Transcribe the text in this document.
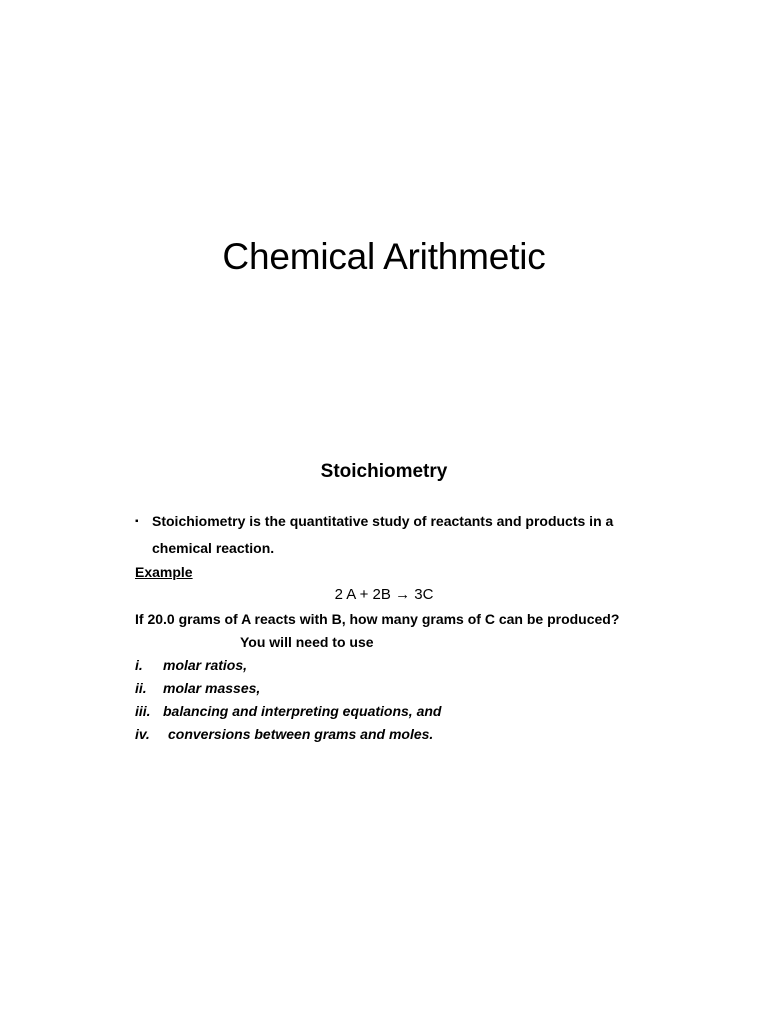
Chemical Arithmetic
Stoichiometry
▪ Stoichiometry is the quantitative study of reactants and products in a chemical reaction.
Example
2 A + 2B → 3C
If 20.0 grams of A reacts with B, how many grams of C can be produced?
You will need to use
i. molar ratios,
ii. molar masses,
iii. balancing and interpreting equations, and
iv. conversions between grams and moles.
